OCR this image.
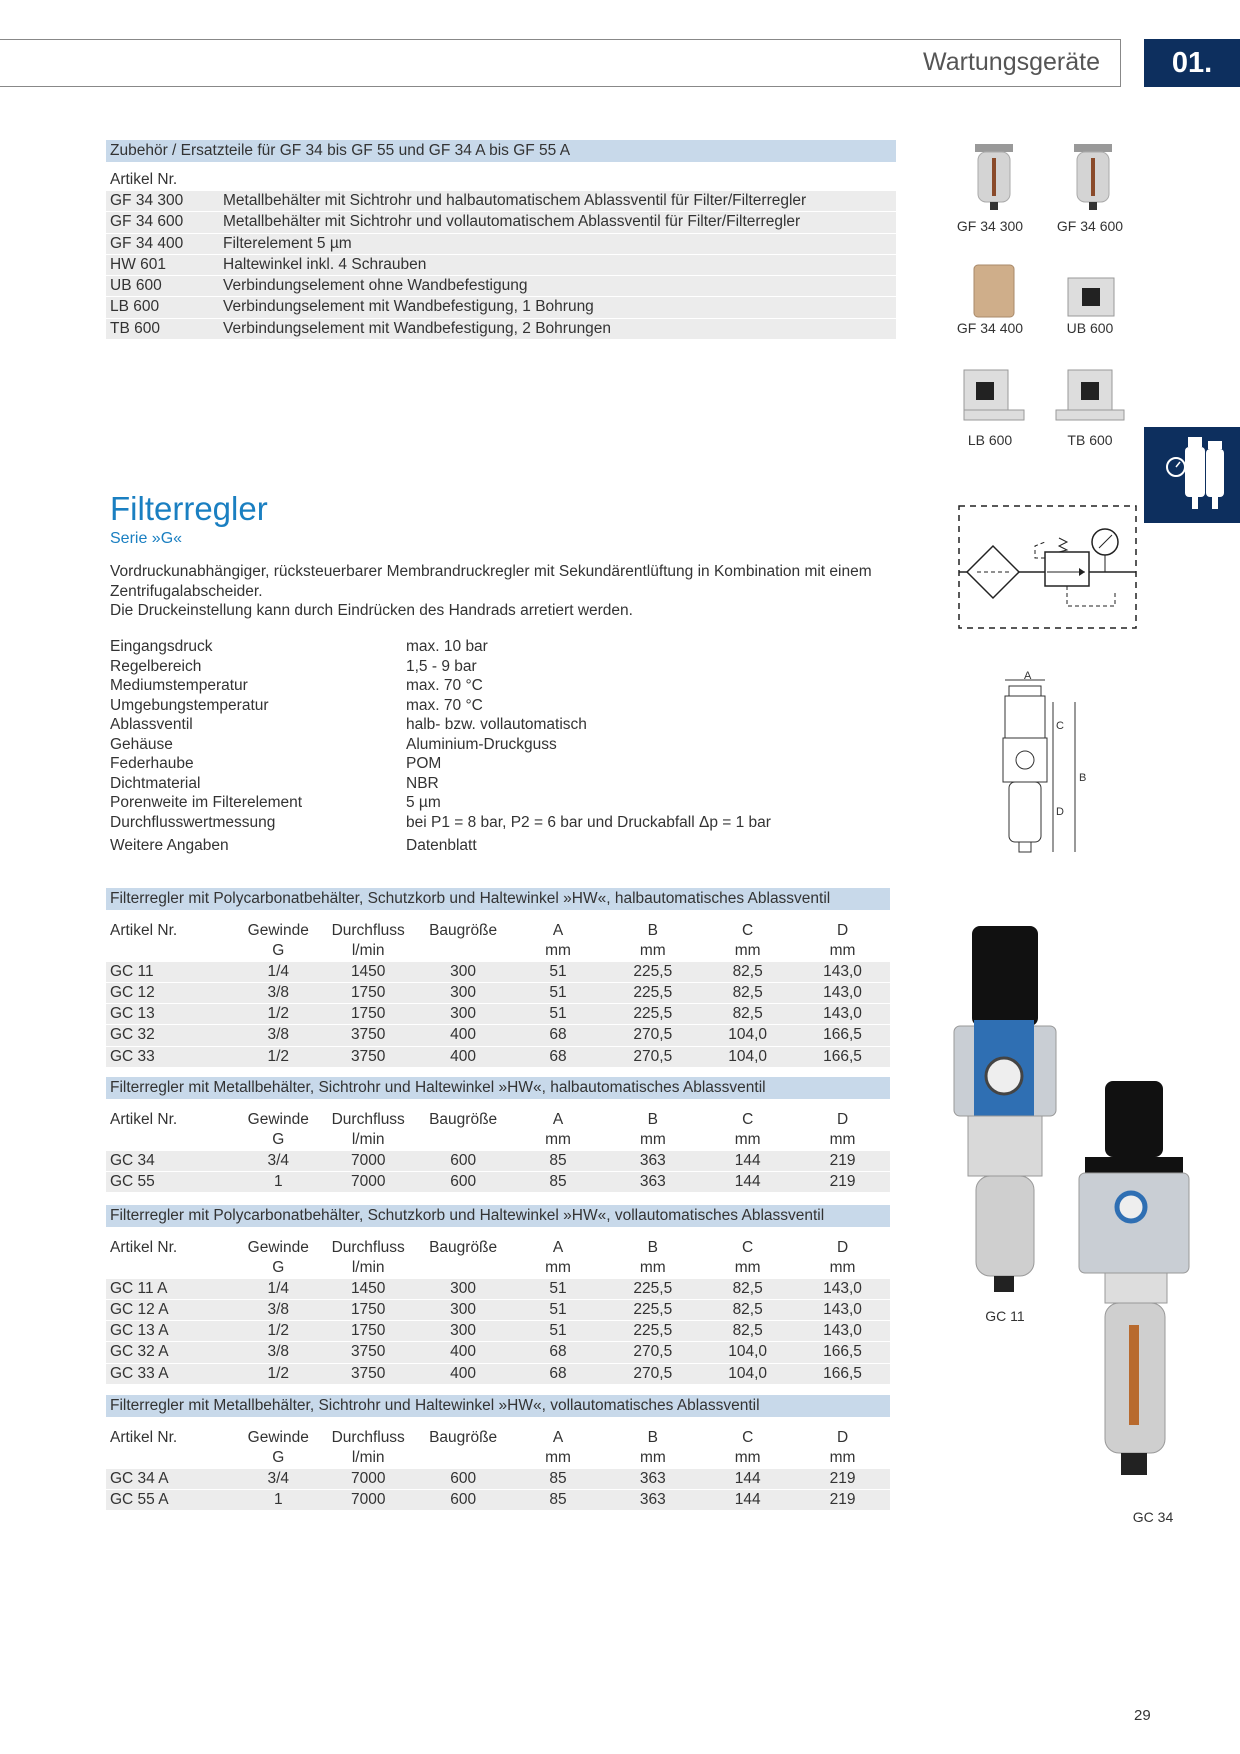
Wartungsgeräte	01.
Zubehör / Ersatzteile für GF 34 bis GF 55 und GF 34 A bis GF 55 A
Artikel Nr.
GF 34 300	Metallbehälter mit Sichtrohr und halbautomatischem Ablassventil für Filter/Filterregler
GF 34 600	Metallbehälter mit Sichtrohr und vollautomatischem Ablassventil für Filter/Filterregler
GF 34 400	Filterelement 5 µm
HW 601	Haltewinkel inkl. 4 Schrauben
UB 600	Verbindungselement ohne Wandbefestigung
LB 600	Verbindungselement mit Wandbefestigung, 1 Bohrung
TB 600	Verbindungselement mit Wandbefestigung, 2 Bohrungen
GF 34 300	GF 34 600
GF 34 400	UB 600
LB 600	TB 600
Filterregler
Serie »G«
Vordruckunabhängiger, rücksteuerbarer Membrandruckregler mit Sekundärentlüftung in Kombination mit einem Zentrifugalabscheider.
Die Druckeinstellung kann durch Eindrücken des Handrads arretiert werden.
Eingangsdruck	max. 10 bar
Regelbereich	1,5 - 9 bar
Mediumstemperatur	max. 70 °C
Umgebungstemperatur	max. 70 °C
Ablassventil	halb- bzw. vollautomatisch
Gehäuse	Aluminium-Druckguss
Federhaube	POM
Dichtmaterial	NBR
Porenweite im Filterelement	5 µm
Durchflusswertmessung	bei P1 = 8 bar, P2 = 6 bar und Druckabfall Δp = 1 bar
Weitere Angaben	Datenblatt
A
B
C
D
GC 11
GC 34
Filterregler mit Polycarbonatbehälter, Schutzkorb und Haltewinkel »HW«, halbautomatisches Ablassventil
Artikel Nr.	Gewinde	Durchfluss	Baugröße	A	B	C	D
	G	l/min		mm	mm	mm	mm
GC 11	1/4	1450	300	51	225,5	82,5	143,0
GC 12	3/8	1750	300	51	225,5	82,5	143,0
GC 13	1/2	1750	300	51	225,5	82,5	143,0
GC 32	3/8	3750	400	68	270,5	104,0	166,5
GC 33	1/2	3750	400	68	270,5	104,0	166,5
Filterregler mit Metallbehälter, Sichtrohr und Haltewinkel »HW«, halbautomatisches Ablassventil
Artikel Nr.	Gewinde	Durchfluss	Baugröße	A	B	C	D
	G	l/min		mm	mm	mm	mm
GC 34	3/4	7000	600	85	363	144	219
GC 55	1	7000	600	85	363	144	219
Filterregler mit Polycarbonatbehälter, Schutzkorb und Haltewinkel »HW«, vollautomatisches Ablassventil
Artikel Nr.	Gewinde	Durchfluss	Baugröße	A	B	C	D
	G	l/min		mm	mm	mm	mm
GC 11 A	1/4	1450	300	51	225,5	82,5	143,0
GC 12 A	3/8	1750	300	51	225,5	82,5	143,0
GC 13 A	1/2	1750	300	51	225,5	82,5	143,0
GC 32 A	3/8	3750	400	68	270,5	104,0	166,5
GC 33 A	1/2	3750	400	68	270,5	104,0	166,5
Filterregler mit Metallbehälter, Sichtrohr und Haltewinkel »HW«, vollautomatisches Ablassventil
Artikel Nr.	Gewinde	Durchfluss	Baugröße	A	B	C	D
	G	l/min		mm	mm	mm	mm
GC 34 A	3/4	7000	600	85	363	144	219
GC 55 A	1	7000	600	85	363	144	219
29
